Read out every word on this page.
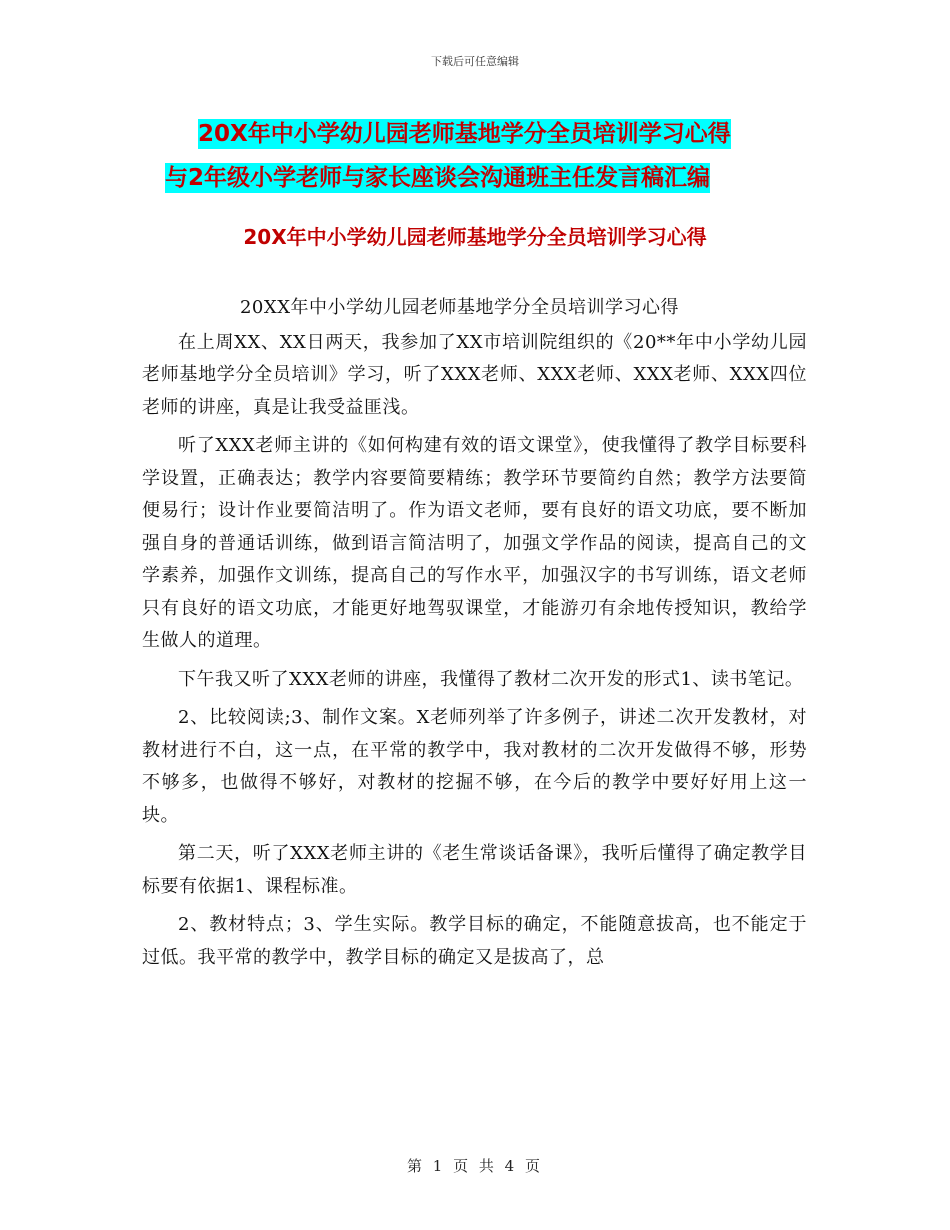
下载后可任意编辑
20X年中小学幼儿园老师基地学分全员培训学习心得
与2年级小学老师与家长座谈会沟通班主任发言稿汇编
20X年中小学幼儿园老师基地学分全员培训学习心得

20XX年中小学幼儿园老师基地学分全员培训学习心得

在上周XX、XX日两天，我参加了XX市培训院组织的《20**年中小学幼儿园老师基地学分全员培训》学习，听了XXX老师、XXX老师、XXX老师、XXX四位老师的讲座，真是让我受益匪浅。

听了XXX老师主讲的《如何构建有效的语文课堂》，使我懂得了教学目标要科学设置，正确表达；教学内容要简要精练；教学环节要简约自然；教学方法要简便易行；设计作业要简洁明了。作为语文老师，要有良好的语文功底，要不断加强自身的普通话训练，做到语言简洁明了，加强文学作品的阅读，提高自己的文学素养，加强作文训练，提高自己的写作水平，加强汉字的书写训练，语文老师只有良好的语文功底，才能更好地驾驭课堂，才能游刃有余地传授知识，教给学生做人的道理。

下午我又听了XXX老师的讲座，我懂得了教材二次开发的形式1、读书笔记。

2、比较阅读;3、制作文案。X老师列举了许多例子，讲述二次开发教材，对教材进行不白，这一点，在平常的教学中，我对教材的二次开发做得不够，形势不够多，也做得不够好，对教材的挖掘不够，在今后的教学中要好好用上这一块。

第二天，听了XXX老师主讲的《老生常谈话备课》，我听后懂得了确定教学目标要有依据1、课程标准。

2、教材特点；3、学生实际。教学目标的确定，不能随意拔高，也不能定于过低。我平常的教学中，教学目标的确定又是拔高了，总

第 1 页 共 4 页
